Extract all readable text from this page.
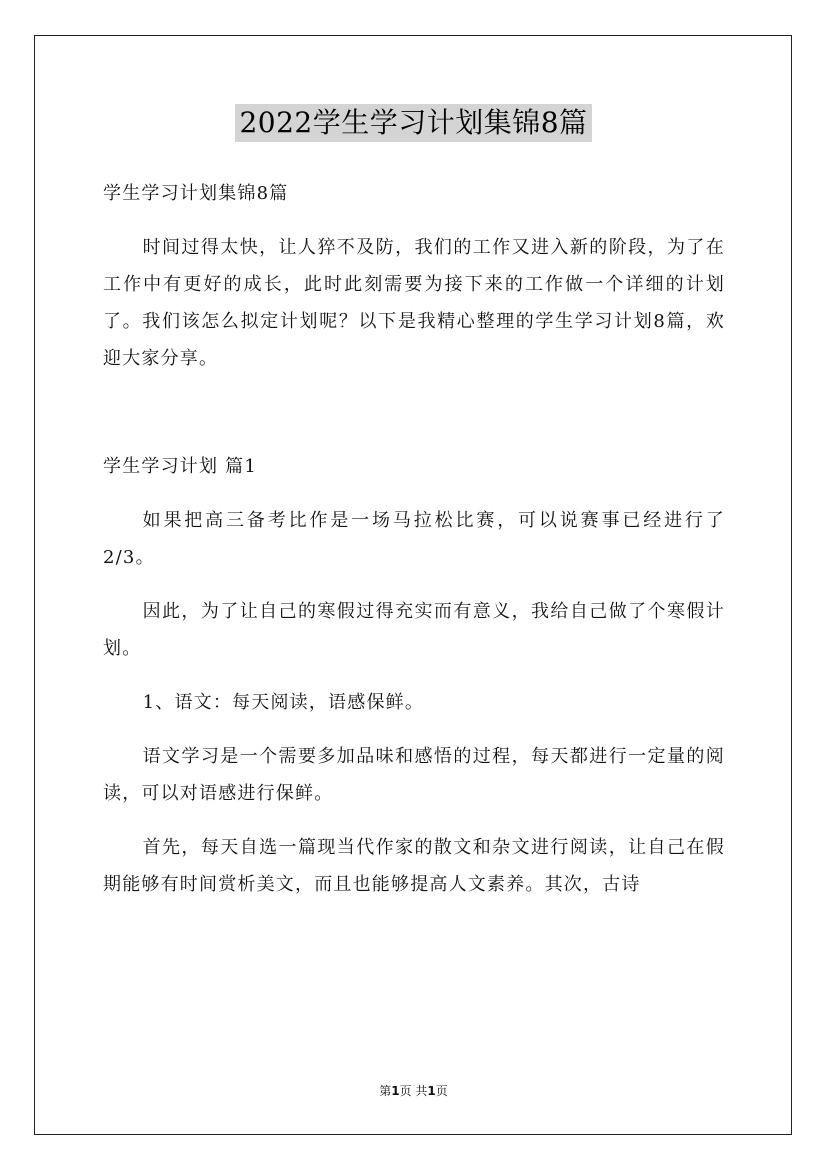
2022学生学习计划集锦8篇

学生学习计划集锦8篇

时间过得太快，让人猝不及防，我们的工作又进入新的阶段，为了在工作中有更好的成长，此时此刻需要为接下来的工作做一个详细的计划了。我们该怎么拟定计划呢？以下是我精心整理的学生学习计划8篇，欢迎大家分享。

学生学习计划 篇1

如果把高三备考比作是一场马拉松比赛，可以说赛事已经进行了2/3。

因此，为了让自己的寒假过得充实而有意义，我给自己做了个寒假计划。

1、语文：每天阅读，语感保鲜。

语文学习是一个需要多加品味和感悟的过程，每天都进行一定量的阅读，可以对语感进行保鲜。

首先，每天自选一篇现当代作家的散文和杂文进行阅读，让自己在假期能够有时间赏析美文，而且也能够提高人文素养。其次，古诗

第1页 共1页
